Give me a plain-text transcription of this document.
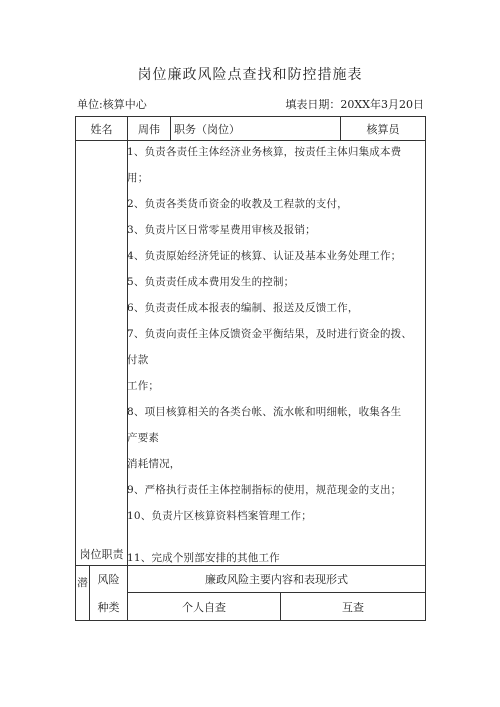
岗位廉政风险点查找和防控措施表
单位:核算中心	填表日期：20XX年3月20日
姓名	周伟	职务（岗位）	核算员
岗位职责
1、负责各责任主体经济业务核算，按责任主体归集成本费
用；
2、负责各类货币资金的收教及工程款的支付，
3、负责片区日常零星费用审核及报销；
4、负责原始经济凭证的核算、认证及基本业务处理工作；
5、负责责任成本费用发生的控制；
6、负责责任成本报表的编制、报送及反馈工作，
7、负责向责任主体反馈资金平衡结果，及时进行资金的拨、
付款
工作；
8、项目核算相关的各类台帐、流水帐和明细帐，收集各生
产要素
消耗情况，
9、严格执行责任主体控制指标的使用，规范现金的支出；
10、负责片区核算资料档案管理工作；
11、完成个别部安排的其他工作
潜 风险
种类
廉政风险主要内容和表现形式
个人自查	互查
